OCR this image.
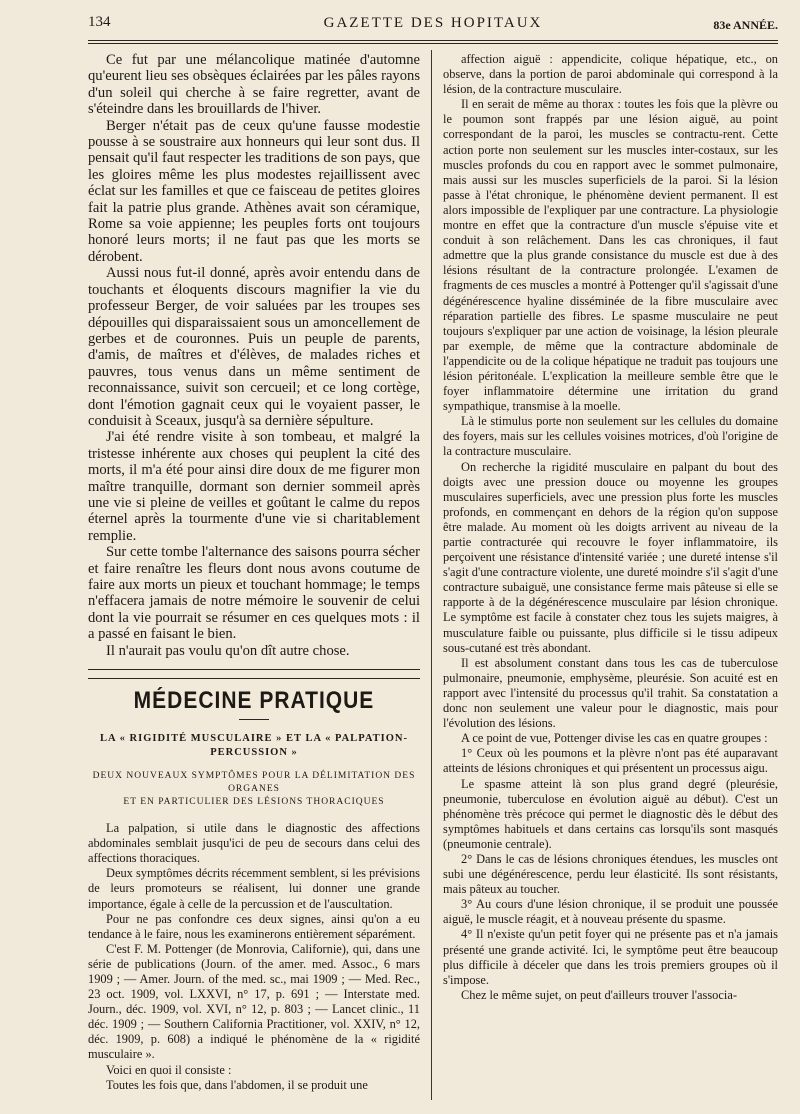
134	GAZETTE DES HOPITAUX	83e ANNÉE.

Ce fut par une mélancolique matinée d'automne qu'eurent lieu ses obsèques éclairées par les pâles rayons d'un soleil qui cherche à se faire regretter, avant de s'éteindre dans les brouillards de l'hiver.

Berger n'était pas de ceux qu'une fausse modestie pousse à se soustraire aux honneurs qui leur sont dus. Il pensait qu'il faut respecter les traditions de son pays, que les gloires même les plus modestes rejaillissent avec éclat sur les familles et que ce faisceau de petites gloires fait la patrie plus grande. Athènes avait son céramique, Rome sa voie appienne; les peuples forts ont toujours honoré leurs morts; il ne faut pas que les morts se dérobent.

Aussi nous fut-il donné, après avoir entendu dans de touchants et éloquents discours magnifier la vie du professeur Berger, de voir saluées par les troupes ses dépouilles qui disparaissaient sous un amoncellement de gerbes et de couronnes. Puis un peuple de parents, d'amis, de maîtres et d'élèves, de malades riches et pauvres, tous venus dans un même sentiment de reconnaissance, suivit son cercueil; et ce long cortège, dont l'émotion gagnait ceux qui le voyaient passer, le conduisit à Sceaux, jusqu'à sa dernière sépulture.

J'ai été rendre visite à son tombeau, et malgré la tristesse inhérente aux choses qui peuplent la cité des morts, il m'a été pour ainsi dire doux de me figurer mon maître tranquille, dormant son dernier sommeil après une vie si pleine de veilles et goûtant le calme du repos éternel après la tourmente d'une vie si charitablement remplie.

Sur cette tombe l'alternance des saisons pourra sécher et faire renaître les fleurs dont nous avons coutume de faire aux morts un pieux et touchant hommage; le temps n'effacera jamais de notre mémoire le souvenir de celui dont la vie pourrait se résumer en ces quelques mots : il a passé en faisant le bien.

Il n'aurait pas voulu qu'on dît autre chose.

MÉDECINE PRATIQUE
LA « RIGIDITÉ MUSCULAIRE » ET LA « PALPATION-PERCUSSION »
DEUX NOUVEAUX SYMPTÔMES POUR LA DÉLIMITATION DES ORGANES
ET EN PARTICULIER DES LÉSIONS THORACIQUES

La palpation, si utile dans le diagnostic des affections abdominales semblait jusqu'ici de peu de secours dans celui des affections thoraciques.

Deux symptômes décrits récemment semblent, si les prévisions de leurs promoteurs se réalisent, lui donner une grande importance, égale à celle de la percussion et de l'auscultation.

Pour ne pas confondre ces deux signes, ainsi qu'on a eu tendance à le faire, nous les examinerons entièrement séparément.

C'est F. M. Pottenger (de Monrovia, Californie), qui, dans une série de publications (Journ. of the amer. med. Assoc., 6 mars 1909 ; — Amer. Journ. of the med. sc., mai 1909 ; — Med. Rec., 23 oct. 1909, vol. LXXVI, n° 17, p. 691 ; — Interstate med. Journ., déc. 1909, vol. XVI, n° 12, p. 803 ; — Lancet clinic., 11 déc. 1909 ; — Southern California Practitioner, vol. XXIV, n° 12, déc. 1909, p. 608) a indiqué le phénomène de la « rigidité musculaire ».

Voici en quoi il consiste :

Toutes les fois que, dans l'abdomen, il se produit une

affection aiguë : appendicite, colique hépatique, etc., on observe, dans la portion de paroi abdominale qui correspond à la lésion, de la contracture musculaire.

Il en serait de même au thorax : toutes les fois que la plèvre ou le poumon sont frappés par une lésion aiguë, au point correspondant de la paroi, les muscles se contractu-rent. Cette action porte non seulement sur les muscles inter-costaux, sur les muscles profonds du cou en rapport avec le sommet pulmonaire, mais aussi sur les muscles superficiels de la paroi. Si la lésion passe à l'état chronique, le phénomène devient permanent. Il est alors impossible de l'expliquer par une contracture. La physiologie montre en effet que la contracture d'un muscle s'épuise vite et conduit à son relâchement. Dans les cas chroniques, il faut admettre que la plus grande consistance du muscle est due à des lésions résultant de la contracture prolongée. L'examen de fragments de ces muscles a montré à Pottenger qu'il s'agissait d'une dégénérescence hyaline disséminée de la fibre musculaire avec réparation partielle des fibres. Le spasme musculaire ne peut toujours s'expliquer par une action de voisinage, la lésion pleurale par exemple, de même que la contracture abdominale de l'appendicite ou de la colique hépatique ne traduit pas toujours une lésion péritonéale. L'explication la meilleure semble être que le foyer inflammatoire détermine une irritation du grand sympathique, transmise à la moelle.

Là le stimulus porte non seulement sur les cellules du domaine des foyers, mais sur les cellules voisines motrices, d'où l'origine de la contracture musculaire.

On recherche la rigidité musculaire en palpant du bout des doigts avec une pression douce ou moyenne les groupes musculaires superficiels, avec une pression plus forte les muscles profonds, en commençant en dehors de la région qu'on suppose être malade. Au moment où les doigts arrivent au niveau de la partie contracturée qui recouvre le foyer inflammatoire, ils perçoivent une résistance d'intensité variée ; une dureté intense s'il s'agit d'une contracture violente, une dureté moindre s'il s'agit d'une contracture subaiguë, une consistance ferme mais pâteuse si elle se rapporte à de la dégénérescence musculaire par lésion chronique. Le symptôme est facile à constater chez tous les sujets maigres, à musculature faible ou puissante, plus difficile si le tissu adipeux sous-cutané est très abondant.

Il est absolument constant dans tous les cas de tuberculose pulmonaire, pneumonie, emphysème, pleurésie. Son acuité est en rapport avec l'intensité du processus qu'il trahit. Sa constatation a donc non seulement une valeur pour le diagnostic, mais pour l'évolution des lésions.

A ce point de vue, Pottenger divise les cas en quatre groupes :

1° Ceux où les poumons et la plèvre n'ont pas été auparavant atteints de lésions chroniques et qui présentent un processus aigu.

Le spasme atteint là son plus grand degré (pleurésie, pneumonie, tuberculose en évolution aiguë au début). C'est un phénomène très précoce qui permet le diagnostic dès le début des symptômes habituels et dans certains cas lorsqu'ils sont masqués (pneumonie centrale).

2° Dans le cas de lésions chroniques étendues, les muscles ont subi une dégénérescence, perdu leur élasticité. Ils sont résistants, mais pâteux au toucher.

3° Au cours d'une lésion chronique, il se produit une poussée aiguë, le muscle réagit, et à nouveau présente du spasme.

4° Il n'existe qu'un petit foyer qui ne présente pas et n'a jamais présenté une grande activité. Ici, le symptôme peut être beaucoup plus difficile à déceler que dans les trois premiers groupes où il s'impose.

Chez le même sujet, on peut d'ailleurs trouver l'associa-
